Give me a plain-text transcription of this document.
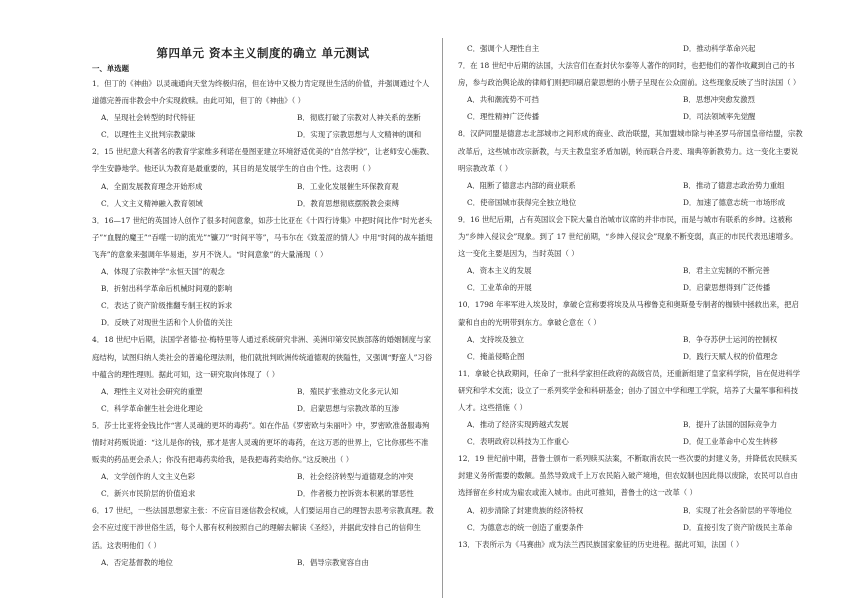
第四单元 资本主义制度的确立 单元测试
一、单选题
1．但丁的《神曲》以灵魂通向天堂为终极归宿，但在诗中又极力肯定现世生活的价值，并强调通过个人道德完善而非教会中介实现救赎。由此可知，但丁的《神曲》（ ）
A．呈现社会转型的时代特征	B．彻底打破了宗教对人神关系的垄断
C．以理性主义批判宗教蒙昧	D．实现了宗教思想与人文精神的调和
2．15 世纪意大利著名的教育学家维多利诺在曼图亚建立环境舒适优美的“自然学校”，让老师安心施教、学生安静地学。他还认为教育是最重要的，其目的是发展学生的自由个性。这表明（ ）
A．全面发展教育理念开始形成	B．工业化发展催生环保教育观
C．人文主义精神融入教育领域	D．教育思想彻底摆脱教会束缚
3．16—17 世纪的英国诗人创作了很多时间意象，如莎士比亚在《十四行诗集》中把时间比作“时光老头子”“血腥的魔王”“吞噬一切的流光”“镰刀”“时间平等”，马韦尔在《致羞涩的情人》中用“时间的战车插翅飞奔”的意象来强调年华易逝，岁月不饶人。“时间意象”的大量涌现（ ）
A．体现了宗教神学“永恒天国”的观念
B．折射出科学革命后机械时间观的影响
C．表达了资产阶级推翻专制王权的诉求
D．反映了对现世生活和个人价值的关注
4．18 世纪中后期，法国学者德·拉·梅特里等人通过系统研究非洲、美洲印第安民族部落的婚姻制度与家庭结构，试图归纳人类社会的普遍伦理法则，他们就批判欧洲传统道德观的狭隘性，又强调“野蛮人”习俗中蕴含的理性理则。据此可知，这一研究取向体现了（ ）
A．理性主义对社会研究的重塑	B．殖民扩张推动文化多元认知
C．科学革命催生社会进化理论	D．启蒙思想与宗教改革的互渗
5．莎士比亚将金钱比作“害人灵魂的更坏的毒药”。如在作品《罗密欧与朱丽叶》中，罗密欧准备服毒殉情时对药贩说道：“这儿是你的钱，那才是害人灵魂的更坏的毒药，在这万恶的世界上，它比你那些不准贩卖的药品更会杀人；你没有把毒药卖给我，是我把毒药卖给你。”这反映出（ ）
A．文学创作的人文主义色彩	B．社会经济转型与道德观念的冲突
C．新兴市民阶层的价值追求	D．作者极力控诉资本积累的罪恶性
6．17 世纪，一些法国思想家主张：不应盲目迷信教会权威，人们要运用自己的理智去思考宗教真理。教会不应过度干涉世俗生活，每个人都有权利按照自己的理解去解读《圣经》，并据此安排自己的信仰生活。这表明他们（ ）
A．否定基督教的地位	B．倡导宗教宽容自由
C．强调个人理性自主	D．推动科学革命兴起
7．在 18 世纪中后期的法国，大法官们在查封伏尔泰等人著作的同时，也把他们的著作收藏到自己的书房，参与政治舆论战的律师们则把印刷启蒙思想的小册子呈现在公众面前。这些现象反映了当时法国（ ）
A．共和潮流势不可挡	B．思想冲突愈发激烈
C．理性精神广泛传播	D．司法领域率先觉醒
8．汉萨同盟是德意志北部城市之间形成的商业、政治联盟，其加盟城市除与神圣罗马帝国皇帝结盟，宗教改革后，这些城市改宗新教，与天主教皇室矛盾加剧，转而联合丹麦、瑞典等新教势力。这一变化主要说明宗教改革（ ）
A．阻断了德意志内部的商业联系	B．推动了德意志政治势力重组
C．使帝国城市获得完全独立地位	D．加速了德意志统一市场形成
9．16 世纪后期，占有英国议会下院大量自治城市议席的并非市民，而是与城市有联系的乡绅。这被称为“乡绅入侵议会”现象。到了 17 世纪前期，“乡绅入侵议会”现象不断变弱，真正的市民代表迅速增多。这一变化主要是因为，当时英国（ ）
A．资本主义的发展	B．君主立宪制的不断完善
C．工业革命的开展	D．启蒙思想得到广泛传播
10．1798 年率军进入埃及时，拿破仑宣称要将埃及从马穆鲁克和奥斯曼专制者的枷锁中拯救出来，把启蒙和自由的光明带到东方。拿破仑意在（ ）
A．支持埃及独立	B．争夺苏伊士运河的控制权
C．掩盖侵略企图	D．践行天赋人权的价值理念
11．拿破仑执政期间，任命了一批科学家担任政府的高级官员，还重新组建了皇家科学院，旨在促进科学研究和学术交流；设立了一系列奖学金和科研基金；创办了国立中学和理工学院，培养了大量军事和科技人才。这些措施（ ）
A．推动了经济实现跨越式发展	B．提升了法国的国际竞争力
C．表明政府以科技为工作重心	D．促工业革命中心发生转移
12．19 世纪前中期，普鲁士颁布一系列赎买法案，不断取消农民一些次要的封建义务，并降低农民赎买封建义务所需要的数额。虽然导致成千上万农民陷入破产境地，但农奴制也因此得以废除，农民可以自由选择留在乡村成为雇农或流入城市。由此可推知，普鲁士的这一改革（ ）
A．初步清除了封建贵族的经济特权	B．实现了社会各阶层的平等地位
C．为德意志的统一创造了重要条件	D．直接引发了资产阶级民主革命
13．下表所示为《马赛曲》成为法兰西民族国家象征的历史进程。据此可知，法国（ ）
